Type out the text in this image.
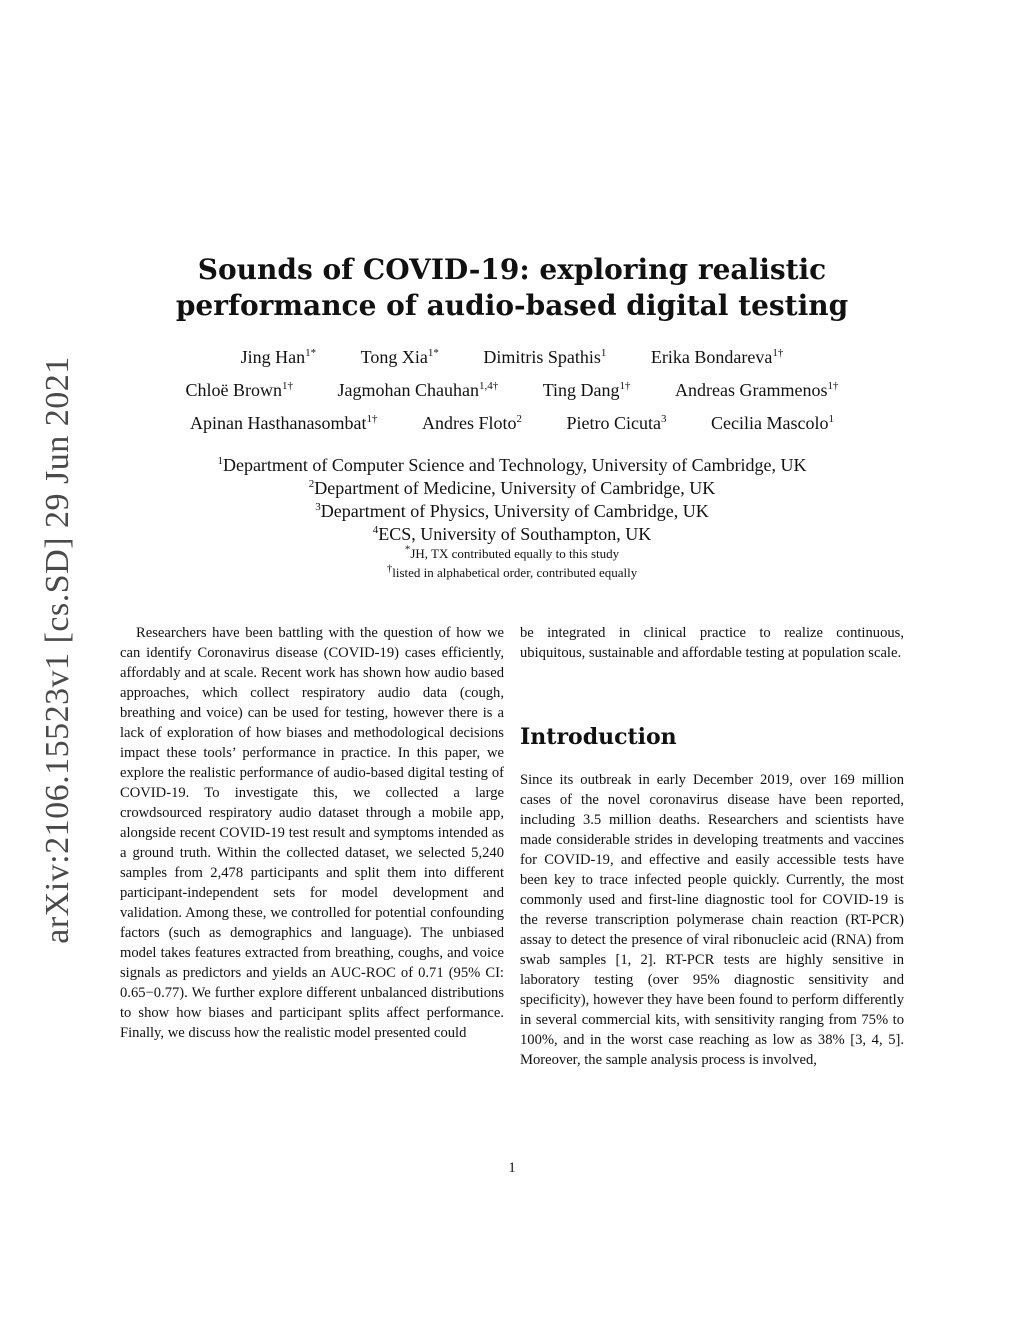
arXiv:2106.15523v1 [cs.SD] 29 Jun 2021
Sounds of COVID-19: exploring realistic
performance of audio-based digital testing
Jing Han$^{1*}$ Tong Xia$^{1*}$ Dimitris Spathis$^1$ Erika Bondareva$^{1\dagger}$
Chloë Brown$^{1\dagger}$ Jagmohan Chauhan$^{1,4\dagger}$ Ting Dang$^{1\dagger}$ Andreas Grammenos$^{1\dagger}$
Apinan Hasthanasombat$^{1\dagger}$ Andres Floto$^2$ Pietro Cicuta$^3$ Cecilia Mascolo$^1$
$^1$Department of Computer Science and Technology, University of Cambridge, UK
$^2$Department of Medicine, University of Cambridge, UK
$^3$Department of Physics, University of Cambridge, UK
$^4$ECS, University of Southampton, UK
*JH, TX contributed equally to this study
†listed in alphabetical order, contributed equally
Researchers have been battling with the question of how we can identify Coronavirus disease (COVID-19) cases efficiently, affordably and at scale. Recent work has shown how audio based approaches, which collect respiratory audio data (cough, breathing and voice) can be used for testing, however there is a lack of exploration of how biases and methodological decisions impact these tools’ performance in practice. In this paper, we explore the realistic performance of audio-based digital testing of COVID-19. To investigate this, we collected a large crowdsourced respiratory audio dataset through a mobile app, alongside recent COVID-19 test result and symptoms intended as a ground truth. Within the collected dataset, we selected 5,240 samples from 2,478 participants and split them into different participant-independent sets for model development and validation. Among these, we controlled for potential confounding factors (such as demographics and language). The unbiased model takes features extracted from breathing, coughs, and voice signals as predictors and yields an AUC-ROC of 0.71 (95% CI: 0.65−0.77). We further explore different unbalanced distributions to show how biases and participant splits affect performance. Finally, we discuss how the realistic model presented could
be integrated in clinical practice to realize continuous, ubiquitous, sustainable and affordable testing at population scale.
Introduction
Since its outbreak in early December 2019, over 169 million cases of the novel coronavirus disease have been reported, including 3.5 million deaths. Researchers and scientists have made considerable strides in developing treatments and vaccines for COVID-19, and effective and easily accessible tests have been key to trace infected people quickly. Currently, the most commonly used and first-line diagnostic tool for COVID-19 is the reverse transcription polymerase chain reaction (RT-PCR) assay to detect the presence of viral ribonucleic acid (RNA) from swab samples [1, 2]. RT-PCR tests are highly sensitive in laboratory testing (over 95% diagnostic sensitivity and specificity), however they have been found to perform differently in several commercial kits, with sensitivity ranging from 75% to 100%, and in the worst case reaching as low as 38% [3, 4, 5]. Moreover, the sample analysis process is involved,
1
